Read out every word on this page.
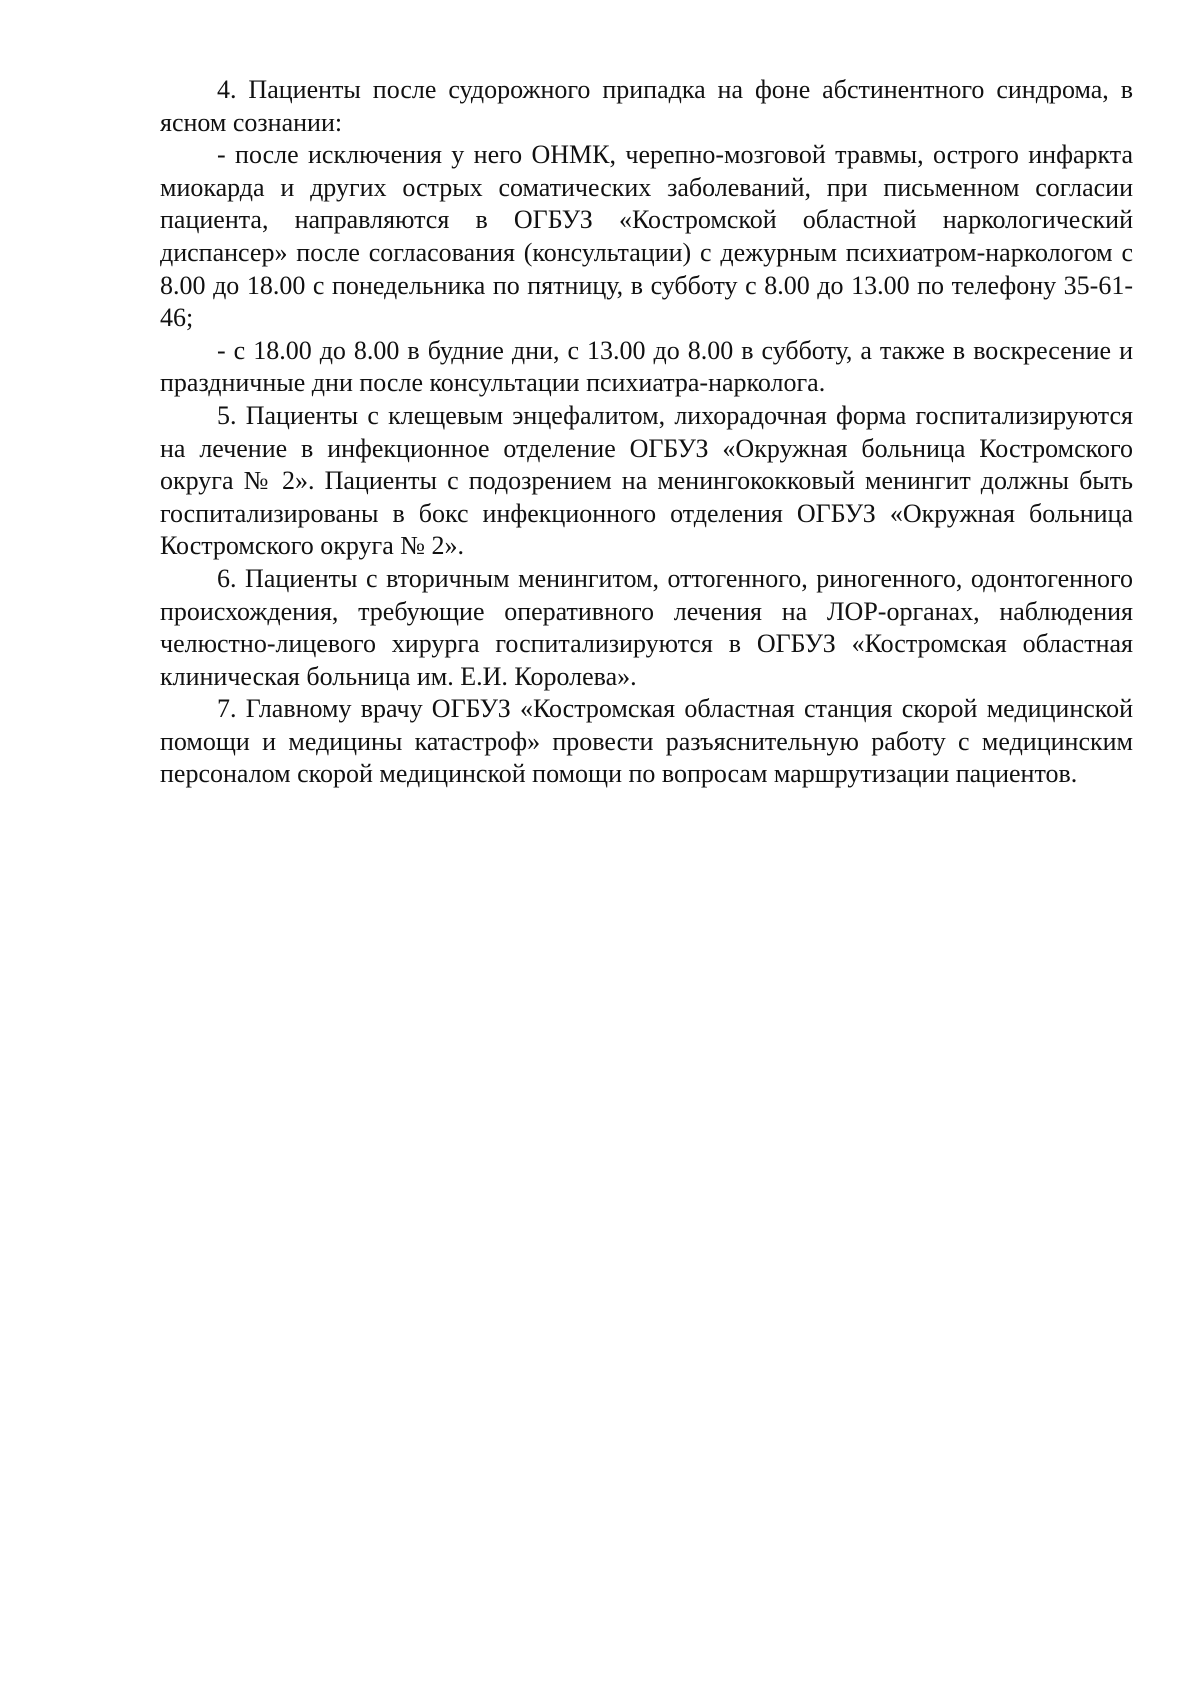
4. Пациенты после судорожного припадка на фоне абстинентного синдрома, в ясном сознании:

- после исключения у него ОНМК, черепно-мозговой травмы, острого инфаркта миокарда и других острых соматических заболеваний, при письменном согласии пациента, направляются в ОГБУЗ «Костромской областной наркологический диспансер» после согласования (консультации) с дежурным психиатром-наркологом с 8.00 до 18.00 с понедельника по пятницу, в субботу с 8.00 до 13.00 по телефону 35-61-46;

- с 18.00 до 8.00 в будние дни, с 13.00 до 8.00 в субботу, а также в воскресение и праздничные дни после консультации психиатра-нарколога.

5. Пациенты с клещевым энцефалитом, лихорадочная форма госпитализируются на лечение в инфекционное отделение ОГБУЗ «Окружная больница Костромского округа № 2». Пациенты с подозрением на менингококковый менингит должны быть госпитализированы в бокс инфекционного отделения ОГБУЗ «Окружная больница Костромского округа № 2».

6. Пациенты с вторичным менингитом, оттогенного, риногенного, одонтогенного происхождения, требующие оперативного лечения на ЛОР-органах, наблюдения челюстно-лицевого хирурга госпитализируются в ОГБУЗ «Костромская областная клиническая больница им. Е.И. Королева».

7. Главному врачу ОГБУЗ «Костромская областная станция скорой медицинской помощи и медицины катастроф» провести разъяснительную работу с медицинским персоналом скорой медицинской помощи по вопросам маршрутизации пациентов.
